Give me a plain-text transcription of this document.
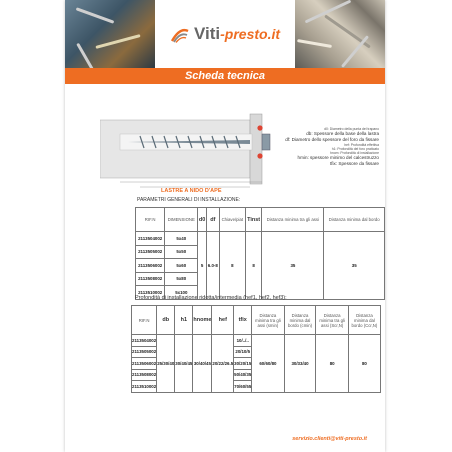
Viti-presto.it
Scheda tecnica
d0: Diametro della punta del trapano
db: Spessore della base della lastra
df: Diametro dello spessore del foro da fissare
hef: Profondità effettiva
h1: Profondità del foro praticato
hnom: Profondità di installazione
hmin: spessore minimo del calcestruzzo
tfix: Spessore da fissare
LASTRE A NIDO D'APE
PARAMETRI GENERALI DI INSTALLAZIONE:
RIF.N	DIMENSIONE	d0	df	Chiave/piat	Tinst	Distanza minima tra gli assi	Distanza minima dal bordo
2113504002	5x40	5	6.0-8	8	8	35	35
2113505002	5x50						
2113506002	5x60						
2113508002	5x80						
2113510002	5x100						
Profondità di installazione ridotta/intermedia (hef1, hef2, hef3):
RIF.N	db	h1	hnome	hef	tfix	Distanza minima tra gli assi (smin)	Distanza minima dal bordo (cmin)	Distanza minima tra gli assi (Scr,N)	Distanza minima dal bordo (Ccr,N)
2113504002	25/30/40	30/40/45	30/40/45	20/22/26.5	10/../..	60/60/80	30/33/40	80	80
2113505002					20/10/5				
2113506002					30/20/15				
2113508002					50/40/35				
2113510002					70/60/55				
servizio.clienti@viti-presto.it
